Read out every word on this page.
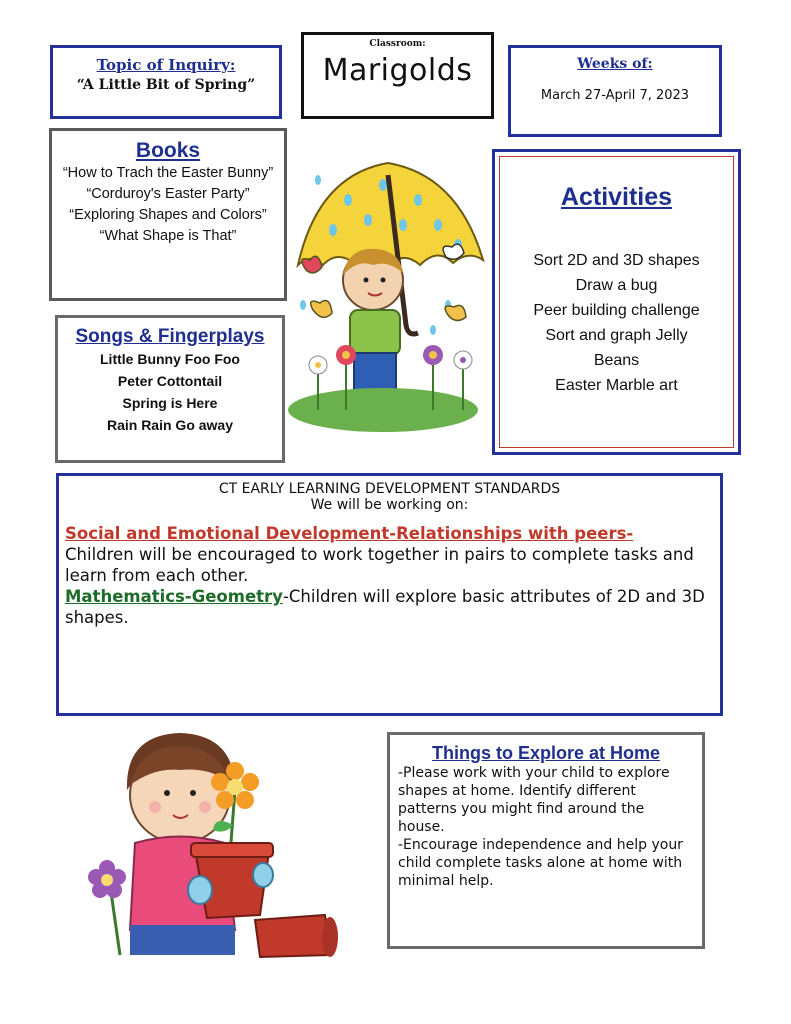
Topic of Inquiry:
“A Little Bit of Spring”
Classroom:
Marigolds	Weeks of:
March 27-April 7, 2023
Books
“How to Trach the Easter Bunny”
“Corduroy's Easter Party”
“Exploring Shapes and Colors”
“What Shape is That”
Songs & Fingerplays
Little Bunny Foo Foo
Peter Cottontail
Spring is Here
Rain Rain Go away
Activities
Sort 2D and 3D shapes
Draw a bug
Peer building challenge
Sort and graph Jelly
Beans
Easter Marble art
CT EARLY LEARNING DEVELOPMENT STANDARDS
We will be working on:
Social and Emotional Development-Relationships with peers-
Children will be encouraged to work together in pairs to complete tasks and learn from each other.
Mathematics-Geometry-Children will explore basic attributes of 2D and 3D shapes.
Things to Explore at Home
-Please work with your child to explore shapes at home. Identify different patterns you might find around the house.
-Encourage independence and help your child complete tasks alone at home with minimal help.
